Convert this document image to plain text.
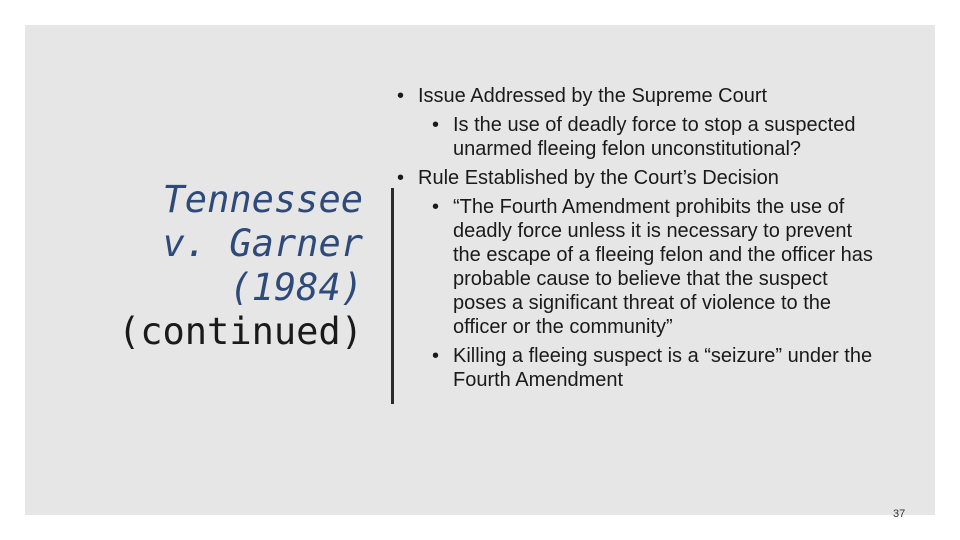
Tennessee
v. Garner
(1984)
(continued)
37
• Issue Addressed by the Supreme Court
• Is the use of deadly force to stop a suspected unarmed fleeing felon unconstitutional?
• Rule Established by the Court’s Decision
• “The Fourth Amendment prohibits the use of deadly force unless it is necessary to prevent the escape of a fleeing felon and the officer has probable cause to believe that the suspect poses a significant threat of violence to the officer or the community”
• Killing a fleeing suspect is a “seizure” under the Fourth Amendment
